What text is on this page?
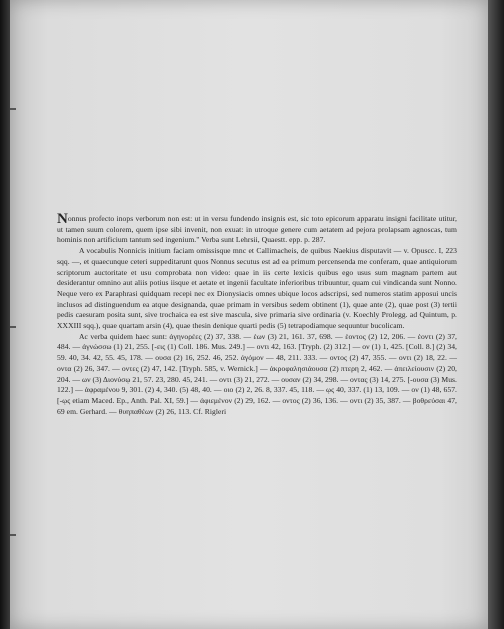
Nonnus profecto inops verborum non est: ut in versu fundendo insignis est, sic toto epicorum apparatu insigni facilitate utitur, ut tamen suum colorem, quem ipse sibi invenit, non exuat: in utroque genere cum aetatem ad pejora prolapsam agnoscas, tum hominis non artificium tantum sed ingenium." Verba sunt Lehrsii, Quaestt. epp. p. 287.

A vocabulis Nonnicis initium faciam omissisque mnc et Callimacheis, de quibus Naekius disputavit — v. Opuscc. I, 223 sqq. —, et quaecunque ceteri suppeditarunt quos Nonnus secutus est ad ea primum percensenda me conferam, quae antiquiorum scriptorum auctoritate et usu comprobata non video: quae in iis certe lexicis quibus ego usus sum magnam partem aut desiderantur omnino aut aliis potius iisque et aetate et ingenii facultate inferioribus tribuuntur, quam cui vindicanda sunt Nonno. Neque vero ex Paraphrasi quidquam recepi nec ex Dionysiacis omnes ubique locos adscripsi, sed numeros statim apposui uncis inclusos ad distinguendum ea atque designanda, quae primam in versibus sedem obtinent (1), quae ante (2), quae post (3) tertii pedis caesuram posita sunt, sive trochaica ea est sive mascula, sive primaria sive ordinaria (v. Koechly Prolegg. ad Quintum, p. XXXIII sqq.), quae quartam arsin (4), quae thesin denique quarti pedis (5) tetrapodiamque sequuntur bucolicam.

Ac verba quidem haec sunt: ἀγηνορέες (2) 37, 338. — ἑων (3) 21, 161. 37, 698. — ἑοντος (2) 12, 206. — ἑοντι (2) 37, 484. — ἀγνώσσω (1) 21, 255. [-εις (1) Coll. 186. Mus. 249.] — οντι 42, 163. [Tryph. (2) 312.] — ον (1) 1, 425. [Coll. 8.] (2) 34, 59. 40, 34. 42, 55. 45, 178. — ουσα (2) 16, 252. 46, 252. ἀγόμον — 48, 211. 333. — οντος (2) 47, 355. — οντι (2) 18, 22. — οντα (2) 26, 347. — οντες (2) 47, 142. [Tryph. 585, v. Wernick.] — ἀκροφαλησιάουσα (2) πτερη 2, 462. — ἀπειλείουσιν (2) 20, 204. — ων (3) Διονύσῳ 21, 57. 23, 280. 45, 241. — οντι (3) 21, 272. — ουσαν (2) 34, 298. — οντας (3) 14, 275. [-ουσα (3) Mus. 122.] — ἀφραμένου 9, 301. (2) 4, 340. (5) 48, 40. — οιο (2) 2, 26. 8, 337. 45, 118. — ῳς 40, 337. (1) 13, 109. — ον (1) 48, 657. [-ῳς etiam Maced. Ep., Anth. Pal. XI, 59.] — ἀφιεμένον (2) 29, 162. — οντος (2) 36, 136. — οντι (2) 35, 387. — βοθρεύσαι 47, 69 em. Gerhard. — θυηπαθέων (2) 26, 113. Cf. Rigleri
